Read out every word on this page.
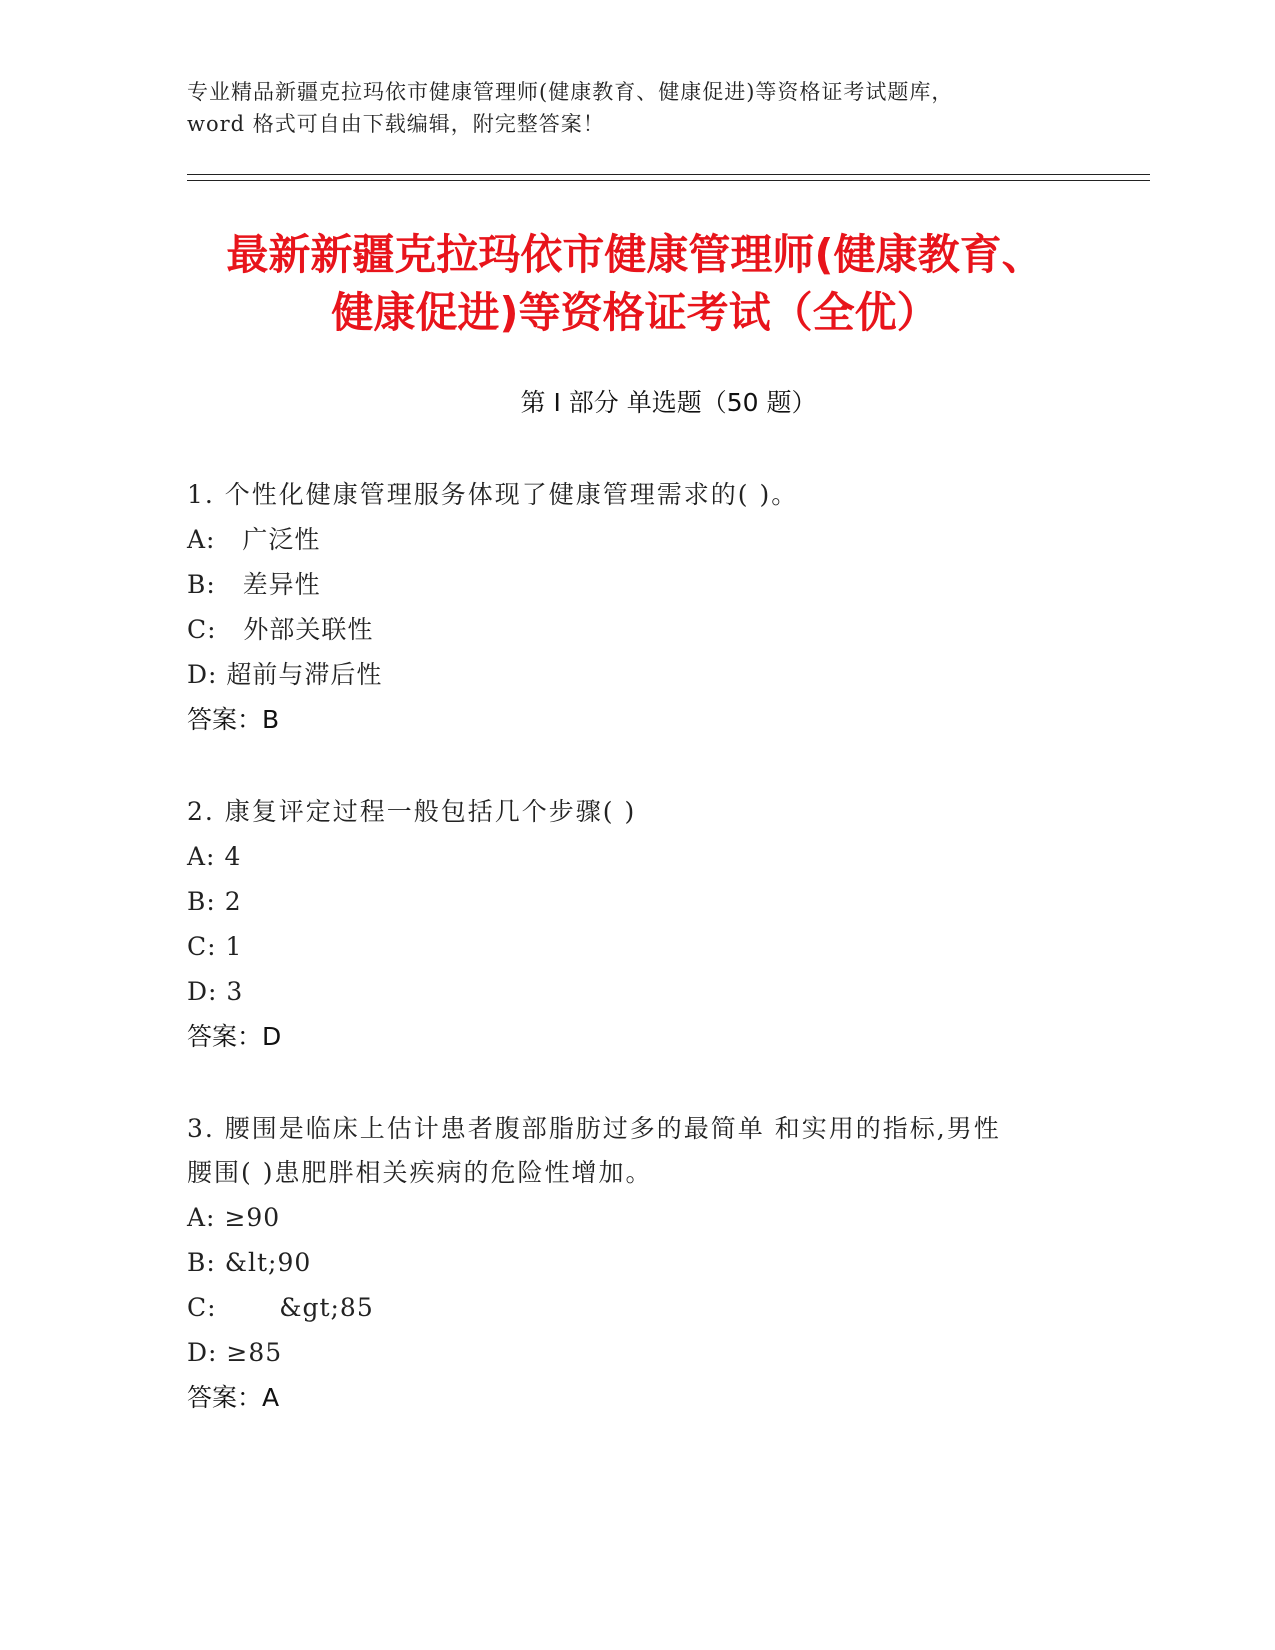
专业精品新疆克拉玛依市健康管理师(健康教育、健康促进)等资格证考试题库，
word 格式可自由下载编辑，附完整答案！
最新新疆克拉玛依市健康管理师(健康教育、
健康促进)等资格证考试（全优）
第 I 部分 单选题（50 题）
1. 个性化健康管理服务体现了健康管理需求的( )。
A:   广泛性
B:   差异性
C:   外部关联性
D: 超前与滞后性
答案：B
2. 康复评定过程一般包括几个步骤( )
A: 4
B: 2
C: 1
D: 3
答案：D
3. 腰围是临床上估计患者腹部脂肪过多的最简单 和实用的指标,男性
腰围( )患肥胖相关疾病的危险性增加。
A: ≥90
B: &lt;90
C:       &gt;85
D: ≥85
答案：A
